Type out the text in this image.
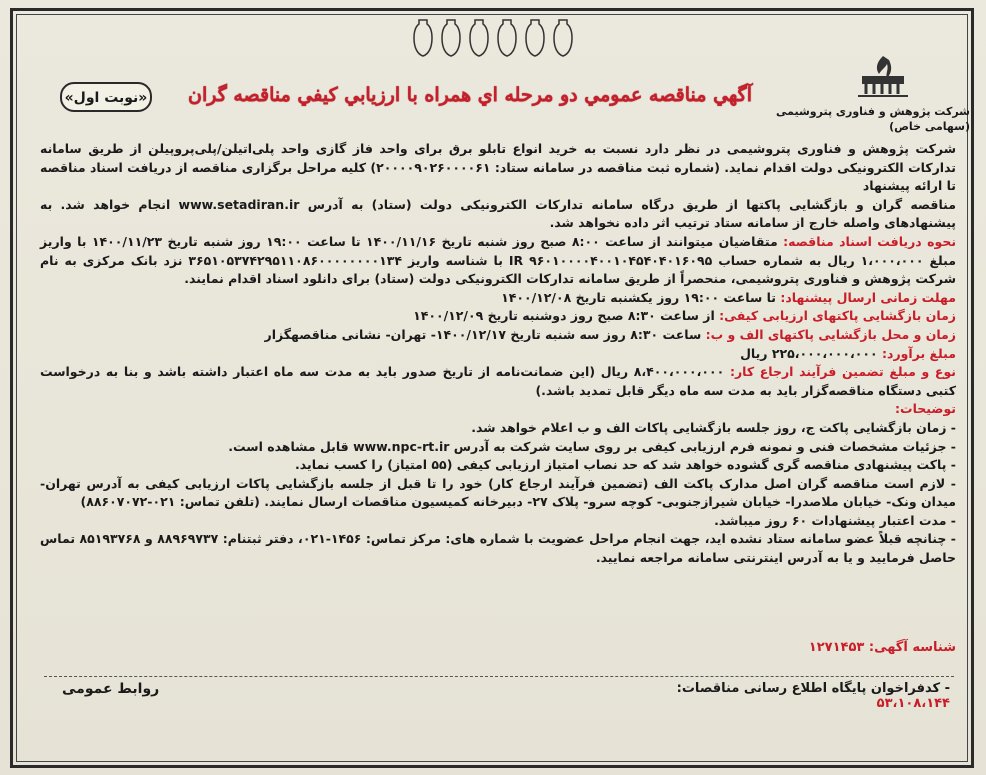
شرکت پژوهش و فناوری پتروشیمی
(سهامی خاص)
آگهي مناقصه عمومي دو مرحله اي همراه با ارزيابي كيفي مناقصه گران
«نوبت اول»

شرکت پژوهش و فناوری پتروشیمی در نظر دارد نسبت به خرید انواع تابلو برق برای واحد فاز گازی واحد پلی‌اتیلن/پلی‌پروپیلن از طریق سامانه تدارکات الکترونیکی دولت اقدام نماید. (شماره ثبت مناقصه در سامانه ستاد: ۲۰۰۰۰۹۰۲۶۰۰۰۰۶۱) کلیه مراحل برگزاری مناقصه از دریافت اسناد مناقصه تا ارائه پیشنهاد

مناقصه گران و بازگشایی پاکتها از طریق درگاه سامانه تدارکات الکترونیکی دولت (ستاد) به آدرس www.setadiran.ir انجام خواهد شد. به پیشنهادهای واصله خارج از سامانه ستاد ترتیب اثر داده نخواهد شد.

نحوه دریافت اسناد مناقصه: متقاضیان میتوانند از ساعت ۸:۰۰ صبح روز شنبه تاریخ ۱۴۰۰/۱۱/۱۶ تا ساعت ۱۹:۰۰ روز شنبه تاریخ ۱۴۰۰/۱۱/۲۳ با واریز مبلغ ۱،۰۰۰،۰۰۰ ریال به شماره حساب ۹۶۰۱۰۰۰۰۴۰۰۱۰۴۵۴۰۴۰۱۶۰۹۵ IR با شناسه واریز ۳۶۵۱۰۵۳۷۴۲۹۵۱۱۰۸۶۰۰۰۰۰۰۰۰۱۳۴ نزد بانک مرکزی به نام شرکت پژوهش و فناوری پتروشیمی، منحصراً از طریق سامانه تدارکات الکترونیکی دولت (ستاد) برای دانلود اسناد اقدام نمایند.

مهلت زمانی ارسال پیشنهاد: تا ساعت ۱۹:۰۰ روز یکشنبه تاریخ ۱۴۰۰/۱۲/۰۸

زمان بازگشایی پاکتهای ارزیابی کیفی: از ساعت ۸:۳۰ صبح روز دوشنبه تاریخ ۱۴۰۰/۱۲/۰۹

زمان و محل بازگشایی پاکتهای الف و ب: ساعت ۸:۳۰ روز سه شنبه تاریخ ۱۴۰۰/۱۲/۱۷- تهران- نشانی مناقصهگزار

مبلغ برآورد: ۲۲۵،۰۰۰،۰۰۰،۰۰۰ ریال

نوع و مبلغ تضمین فرآیند ارجاع کار: ۸،۴۰۰،۰۰۰،۰۰۰ ریال (این ضمانت‌نامه از تاریخ صدور باید به مدت سه ماه اعتبار داشته باشد و بنا به درخواست کتبی دستگاه مناقصه‌گزار باید به مدت سه ماه دیگر قابل تمدید باشد.)

توضیحات:

- زمان بازگشایی پاکت ج، روز جلسه بازگشایی پاکات الف و ب اعلام خواهد شد.

- جزئیات مشخصات فنی و نمونه فرم ارزیابی کیفی بر روی سایت شرکت به آدرس www.npc-rt.ir قابل مشاهده است.

- پاکت پیشنهادی مناقصه گری گشوده خواهد شد که حد نصاب امتیاز ارزیابی کیفی (۵۵ امتیاز) را کسب نماید.

- لازم است مناقصه گران اصل مدارک پاکت الف (تضمین فرآیند ارجاع کار) خود را تا قبل از جلسه بازگشایی پاکات ارزیابی کیفی به آدرس تهران- میدان ونک- خیابان ملاصدرا- خیابان شیرازجنوبی- کوچه سرو- پلاک ۲۷- دبیرخانه کمیسیون مناقصات ارسال نمایند. (تلفن تماس: ۰۲۱-۸۸۶۰۷۰۷۲)

- مدت اعتبار پیشنهادات ۶۰ روز میباشد.

- چنانچه قبلاً عضو سامانه ستاد نشده اید، جهت انجام مراحل عضویت با شماره های: مرکز تماس: ۱۴۵۶-۰۲۱، دفتر ثبتنام: ۸۸۹۶۹۷۳۷ و ۸۵۱۹۳۷۶۸ تماس حاصل فرمایید و یا به آدرس اینترنتی سامانه مراجعه نمایید.

شناسه آگهی: ۱۲۷۱۴۵۳
روابط عمومی	- کدفراخوان پایگاه اطلاع رسانی مناقصات: ۵۳،۱۰۸،۱۴۴
